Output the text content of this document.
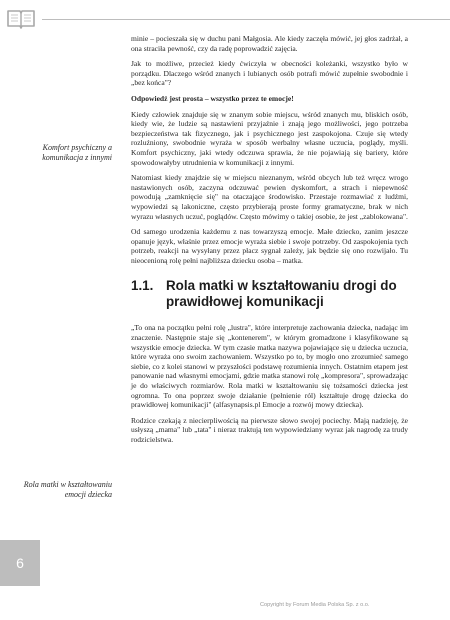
Komfort psychiczny a komunikacja z innymi

Rola matki w kształtowaniu emocji dziecka

minie – pocieszała się w duchu pani Małgosia. Ale kiedy zaczęła mówić, jej głos zadrżał, a ona straciła pewność, czy da radę poprowadzić zajęcia.

Jak to możliwe, przecież kiedy ćwiczyła w obecności koleżanki, wszystko było w porządku. Dlaczego wśród znanych i lubianych osób potrafi mówić zupełnie swobodnie i „bez końca"?

Odpowiedź jest prosta – wszystko przez te emocje!

Kiedy człowiek znajduje się w znanym sobie miejscu, wśród znanych mu, bliskich osób, kiedy wie, że ludzie są nastawieni przyjaźnie i znają jego możliwości, jego potrzeba bezpieczeństwa tak fizycznego, jak i psychicznego jest zaspokojona. Czuje się wtedy rozluźniony, swobodnie wyraża w sposób werbalny własne uczucia, poglądy, myśli. Komfort psychiczny, jaki wtedy odczuwa sprawia, że nie pojawiają się bariery, które spowodowałyby utrudnienia w komunikacji z innymi.

Natomiast kiedy znajdzie się w miejscu nieznanym, wśród obcych lub też wręcz wrogo nastawionych osób, zaczyna odczuwać pewien dyskomfort, a strach i niepewność powodują „zamknięcie się" na otaczające środowisko. Przestaje rozmawiać z ludźmi, wypowiedzi są lakoniczne, często przybierają proste formy gramatyczne, brak w nich wyrazu własnych uczuć, poglądów. Często mówimy o takiej osobie, że jest „zablokowana".

Od samego urodzenia każdemu z nas towarzyszą emocje. Małe dziecko, zanim jeszcze opanuje język, właśnie przez emocje wyraża siebie i swoje potrzeby. Od zaspokojenia tych potrzeb, reakcji na wysyłany przez płacz sygnał zależy, jak będzie się ono rozwijało. Tu nieocenioną rolę pełni najbliższa dziecku osoba – matka.

1.1. Rola matki w kształtowaniu drogi do prawidłowej komunikacji

„To ona na początku pełni rolę „lustra", które interpretuje zachowania dziecka, nadając im znaczenie. Następnie staje się „kontenerem", w którym gromadzone i klasyfikowane są wszystkie emocje dziecka. W tym czasie matka nazywa pojawiające się u dziecka uczucia, które wyraża ono swoim zachowaniem. Wszystko po to, by mogło ono zrozumieć samego siebie, co z kolei stanowi w przyszłości podstawę rozumienia innych. Ostatnim etapem jest panowanie nad własnymi emocjami, gdzie matka stanowi rolę „kompresora", sprowadzając je do właściwych rozmiarów. Rola matki w kształtowaniu się tożsamości dziecka jest ogromna. To ona poprzez swoje działanie (pełnienie ról) kształtuje drogę dziecka do prawidłowej komunikacji" (alfasynapsis.pl Emocje a rozwój mowy dziecka).

Rodzice czekają z niecierpliwością na pierwsze słowo swojej pociechy. Mają nadzieję, że usłyszą „mama" lub „tata" i nieraz traktują ten wypowiedziany wyraz jak nagrodę za trudy rodzicielstwa.

6
Copyright by Forum Media Polska Sp. z o.o.
